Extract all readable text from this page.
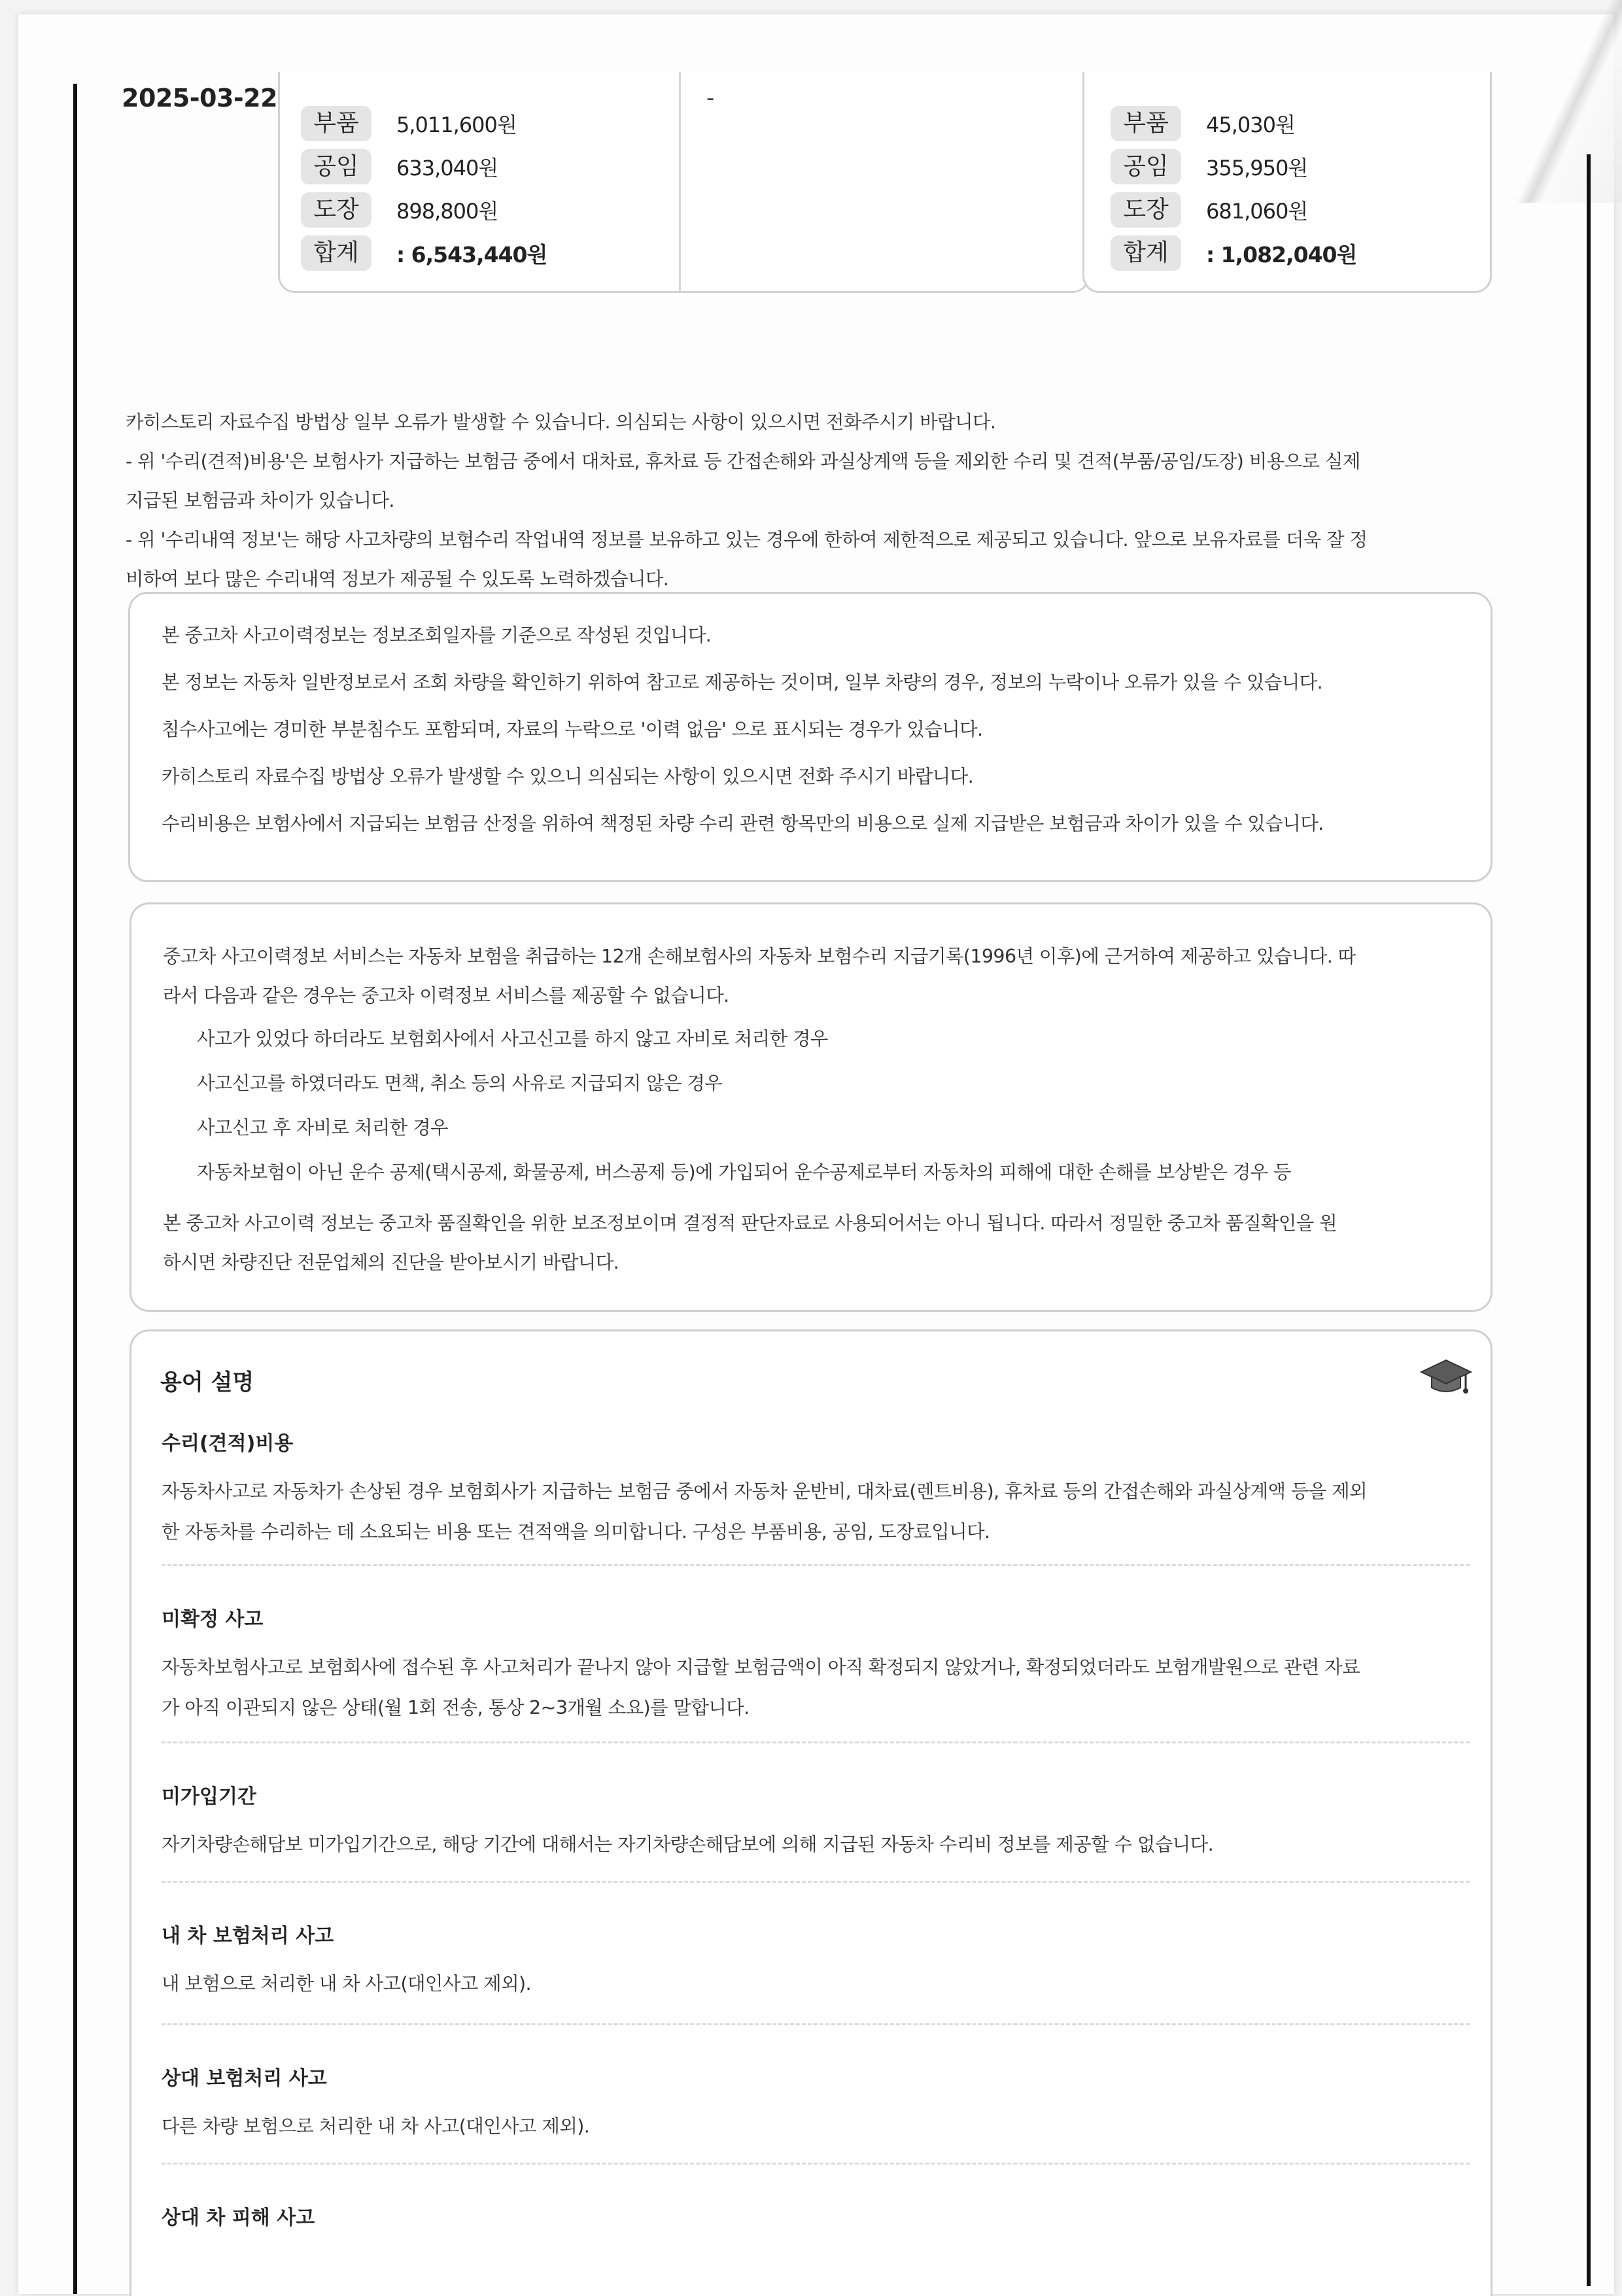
2025-03-22
부품	5,011,600원
공임	633,040원
도장	898,800원
합계	: 6,543,440원
-
부품	45,030원
공임	355,950원
도장	681,060원
합계	: 1,082,040원

카히스토리 자료수집 방법상 일부 오류가 발생할 수 있습니다. 의심되는 사항이 있으시면 전화주시기 바랍니다.

- 위 '수리(견적)비용'은 보험사가 지급하는 보험금 중에서 대차료, 휴차료 등 간접손해와 과실상계액 등을 제외한 수리 및 견적(부품/공임/도장) 비용으로 실제

지급된 보험금과 차이가 있습니다.

- 위 '수리내역 정보'는 해당 사고차량의 보험수리 작업내역 정보를 보유하고 있는 경우에 한하여 제한적으로 제공되고 있습니다. 앞으로 보유자료를 더욱 잘 정

비하여 보다 많은 수리내역 정보가 제공될 수 있도록 노력하겠습니다.

본 중고차 사고이력정보는 정보조회일자를 기준으로 작성된 것입니다.

본 정보는 자동차 일반정보로서 조회 차량을 확인하기 위하여 참고로 제공하는 것이며, 일부 차량의 경우, 정보의 누락이나 오류가 있을 수 있습니다.

침수사고에는 경미한 부분침수도 포함되며, 자료의 누락으로 '이력 없음' 으로 표시되는 경우가 있습니다.

카히스토리 자료수집 방법상 오류가 발생할 수 있으니 의심되는 사항이 있으시면 전화 주시기 바랍니다.

수리비용은 보험사에서 지급되는 보험금 산정을 위하여 책정된 차량 수리 관련 항목만의 비용으로 실제 지급받은 보험금과 차이가 있을 수 있습니다.

중고차 사고이력정보 서비스는 자동차 보험을 취급하는 12개 손해보험사의 자동차 보험수리 지급기록(1996년 이후)에 근거하여 제공하고 있습니다. 따
라서 다음과 같은 경우는 중고차 이력정보 서비스를 제공할 수 없습니다.

사고가 있었다 하더라도 보험회사에서 사고신고를 하지 않고 자비로 처리한 경우
사고신고를 하였더라도 면책, 취소 등의 사유로 지급되지 않은 경우
사고신고 후 자비로 처리한 경우
자동차보험이 아닌 운수 공제(택시공제, 화물공제, 버스공제 등)에 가입되어 운수공제로부터 자동차의 피해에 대한 손해를 보상받은 경우 등

본 중고차 사고이력 정보는 중고차 품질확인을 위한 보조정보이며 결정적 판단자료로 사용되어서는 아니 됩니다. 따라서 정밀한 중고차 품질확인을 원
하시면 차량진단 전문업체의 진단을 받아보시기 바랍니다.

용어 설명

수리(견적)비용

자동차사고로 자동차가 손상된 경우 보험회사가 지급하는 보험금 중에서 자동차 운반비, 대차료(렌트비용), 휴차료 등의 간접손해와 과실상계액 등을 제외
한 자동차를 수리하는 데 소요되는 비용 또는 견적액을 의미합니다. 구성은 부품비용, 공임, 도장료입니다.

미확정 사고

자동차보험사고로 보험회사에 접수된 후 사고처리가 끝나지 않아 지급할 보험금액이 아직 확정되지 않았거나, 확정되었더라도 보험개발원으로 관련 자료
가 아직 이관되지 않은 상태(월 1회 전송, 통상 2~3개월 소요)를 말합니다.

미가입기간

자기차량손해담보 미가입기간으로, 해당 기간에 대해서는 자기차량손해담보에 의해 지급된 자동차 수리비 정보를 제공할 수 없습니다.

내 차 보험처리 사고

내 보험으로 처리한 내 차 사고(대인사고 제외).

상대 보험처리 사고

다른 차량 보험으로 처리한 내 차 사고(대인사고 제외).

상대 차 피해 사고
